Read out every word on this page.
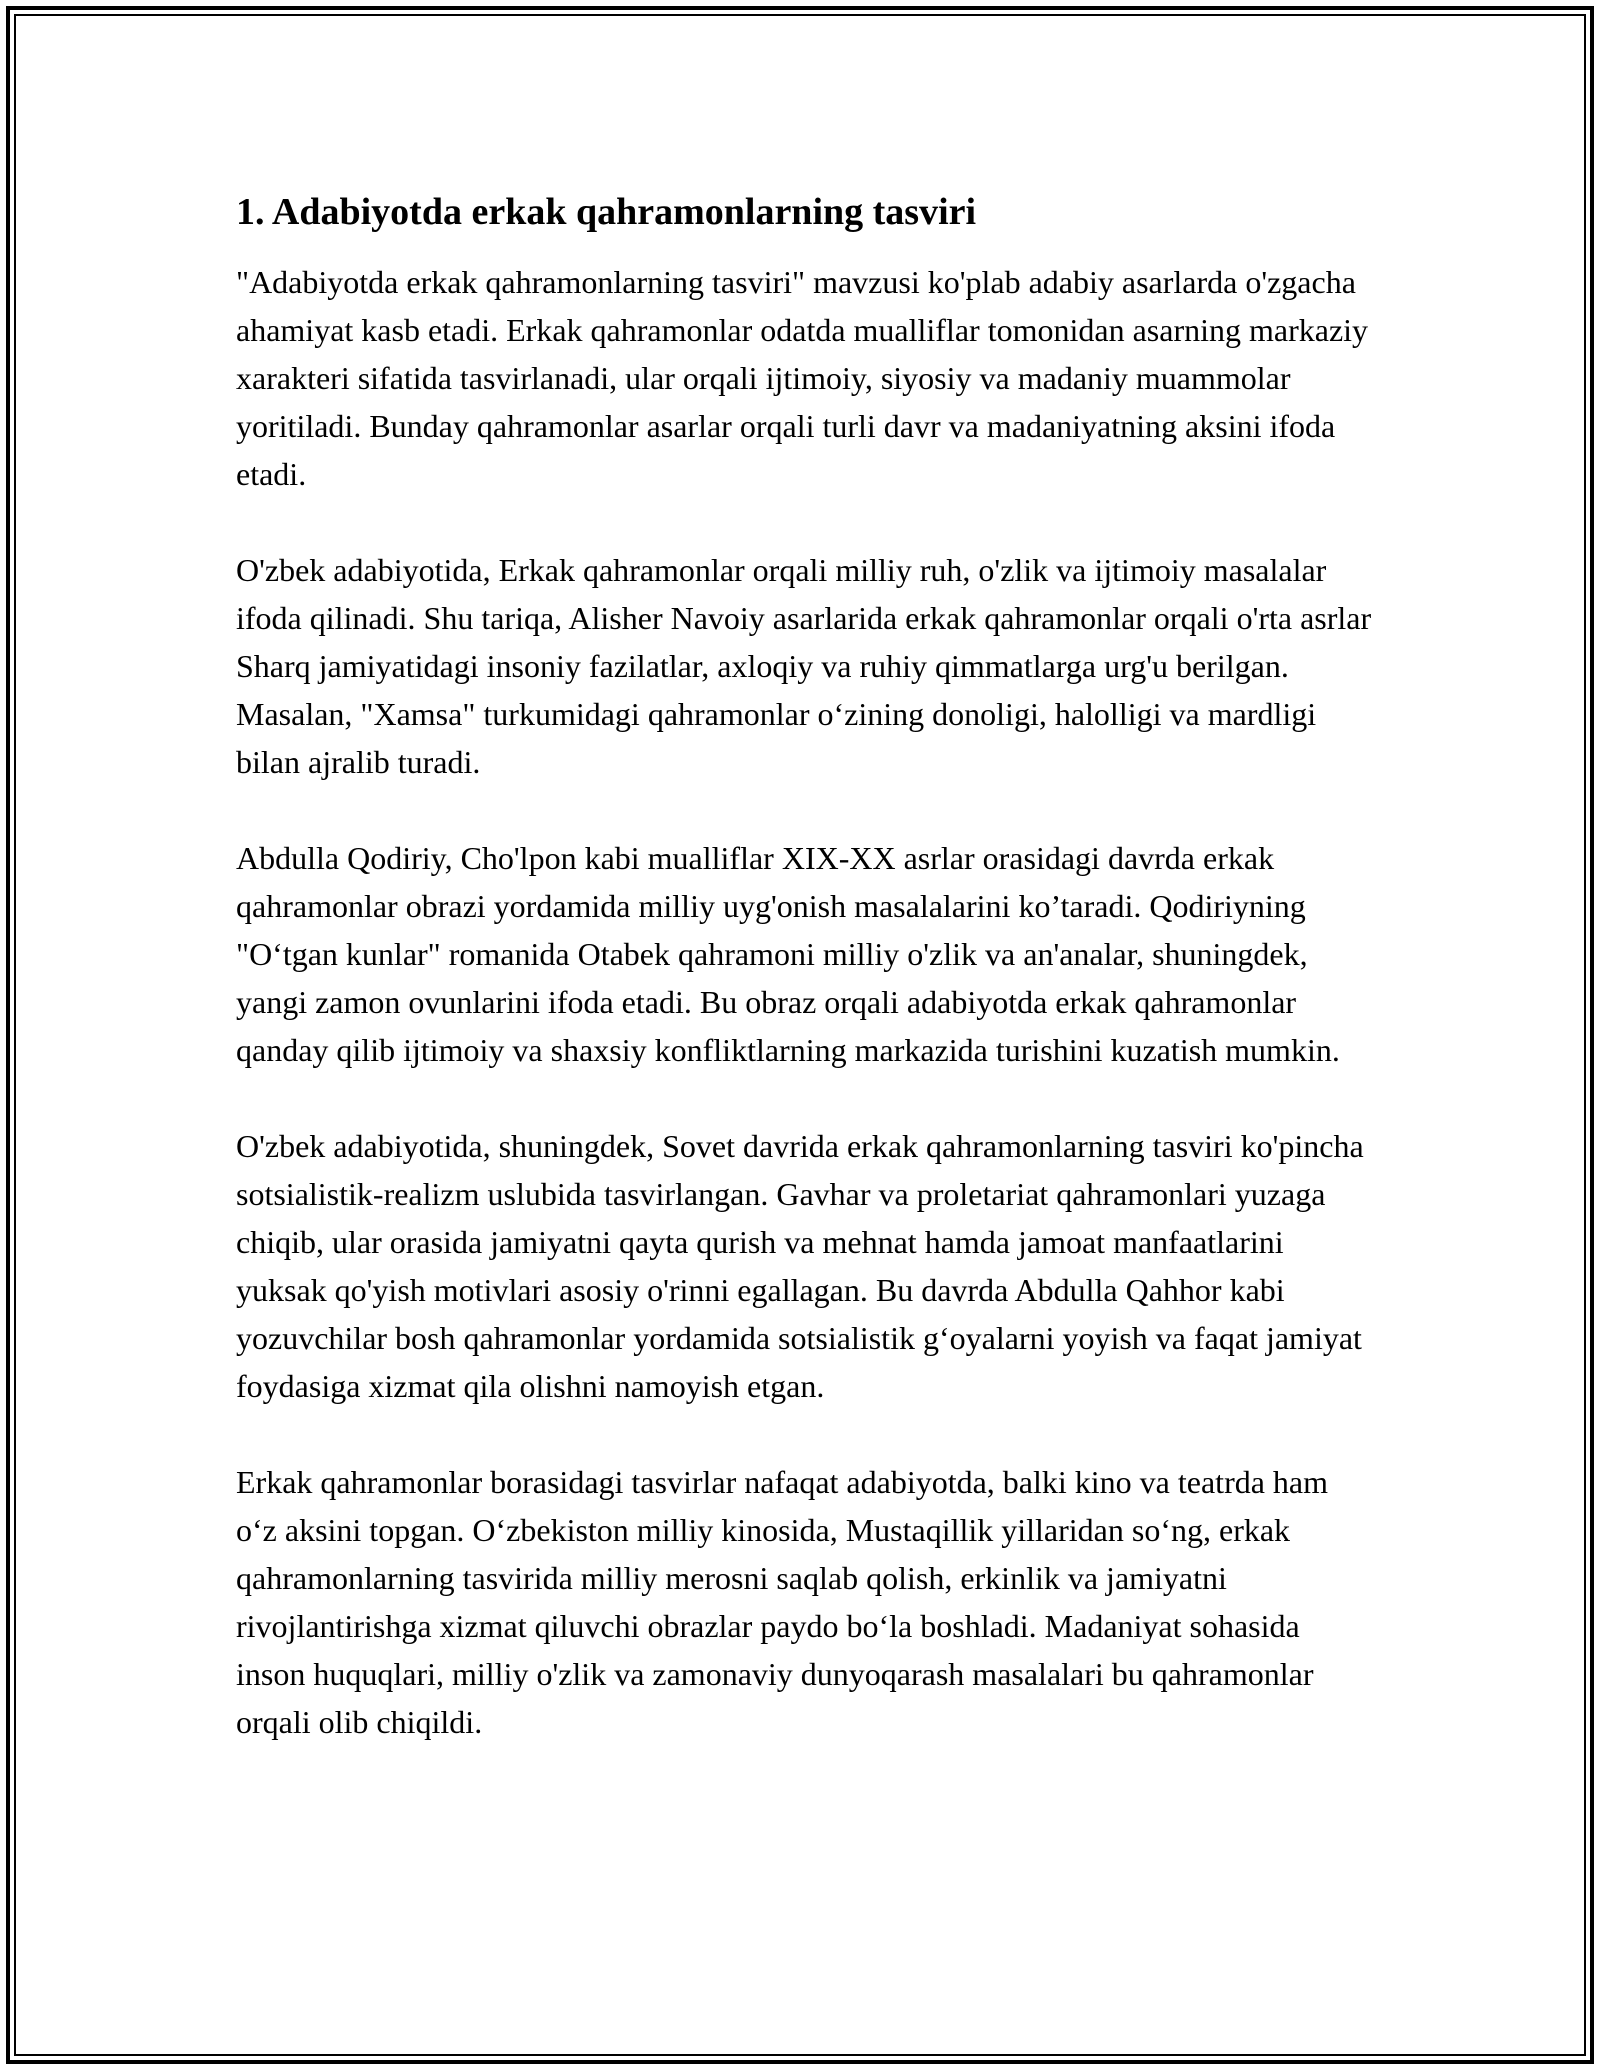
1. Adabiyotda erkak qahramonlarning tasviri

"Adabiyotda erkak qahramonlarning tasviri" mavzusi ko'plab adabiy asarlarda o'zgacha ahamiyat kasb etadi. Erkak qahramonlar odatda mualliflar tomonidan asarning markaziy xarakteri sifatida tasvirlanadi, ular orqali ijtimoiy, siyosiy va madaniy muammolar yoritiladi. Bunday qahramonlar asarlar orqali turli davr va madaniyatning aksini ifoda etadi.

O'zbek adabiyotida, Erkak qahramonlar orqali milliy ruh, o'zlik va ijtimoiy masalalar ifoda qilinadi. Shu tariqa, Alisher Navoiy asarlarida erkak qahramonlar orqali o'rta asrlar Sharq jamiyatidagi insoniy fazilatlar, axloqiy va ruhiy qimmatlarga urg'u berilgan. Masalan, "Xamsa" turkumidagi qahramonlar o‘zining donoligi, halolligi va mardligi bilan ajralib turadi.

Abdulla Qodiriy, Cho'lpon kabi mualliflar XIX-XX asrlar orasidagi davrda erkak qahramonlar obrazi yordamida milliy uyg'onish masalalarini ko’taradi. Qodiriyning "O‘tgan kunlar" romanida Otabek qahramoni milliy o'zlik va an'analar, shuningdek, yangi zamon ovunlarini ifoda etadi. Bu obraz orqali adabiyotda erkak qahramonlar qanday qilib ijtimoiy va shaxsiy konfliktlarning markazida turishini kuzatish mumkin.

O'zbek adabiyotida, shuningdek, Sovet davrida erkak qahramonlarning tasviri ko'pincha sotsialistik-realizm uslubida tasvirlangan. Gavhar va proletariat qahramonlari yuzaga chiqib, ular orasida jamiyatni qayta qurish va mehnat hamda jamoat manfaatlarini yuksak qo'yish motivlari asosiy o'rinni egallagan. Bu davrda Abdulla Qahhor kabi yozuvchilar bosh qahramonlar yordamida sotsialistik g‘oyalarni yoyish va faqat jamiyat foydasiga xizmat qila olishni namoyish etgan.

Erkak qahramonlar borasidagi tasvirlar nafaqat adabiyotda, balki kino va teatrda ham o‘z aksini topgan. O‘zbekiston milliy kinosida, Mustaqillik yillaridan so‘ng, erkak qahramonlarning tasvirida milliy merosni saqlab qolish, erkinlik va jamiyatni rivojlantirishga xizmat qiluvchi obrazlar paydo bo‘la boshladi. Madaniyat sohasida inson huquqlari, milliy o'zlik va zamonaviy dunyoqarash masalalari bu qahramonlar orqali olib chiqildi.
